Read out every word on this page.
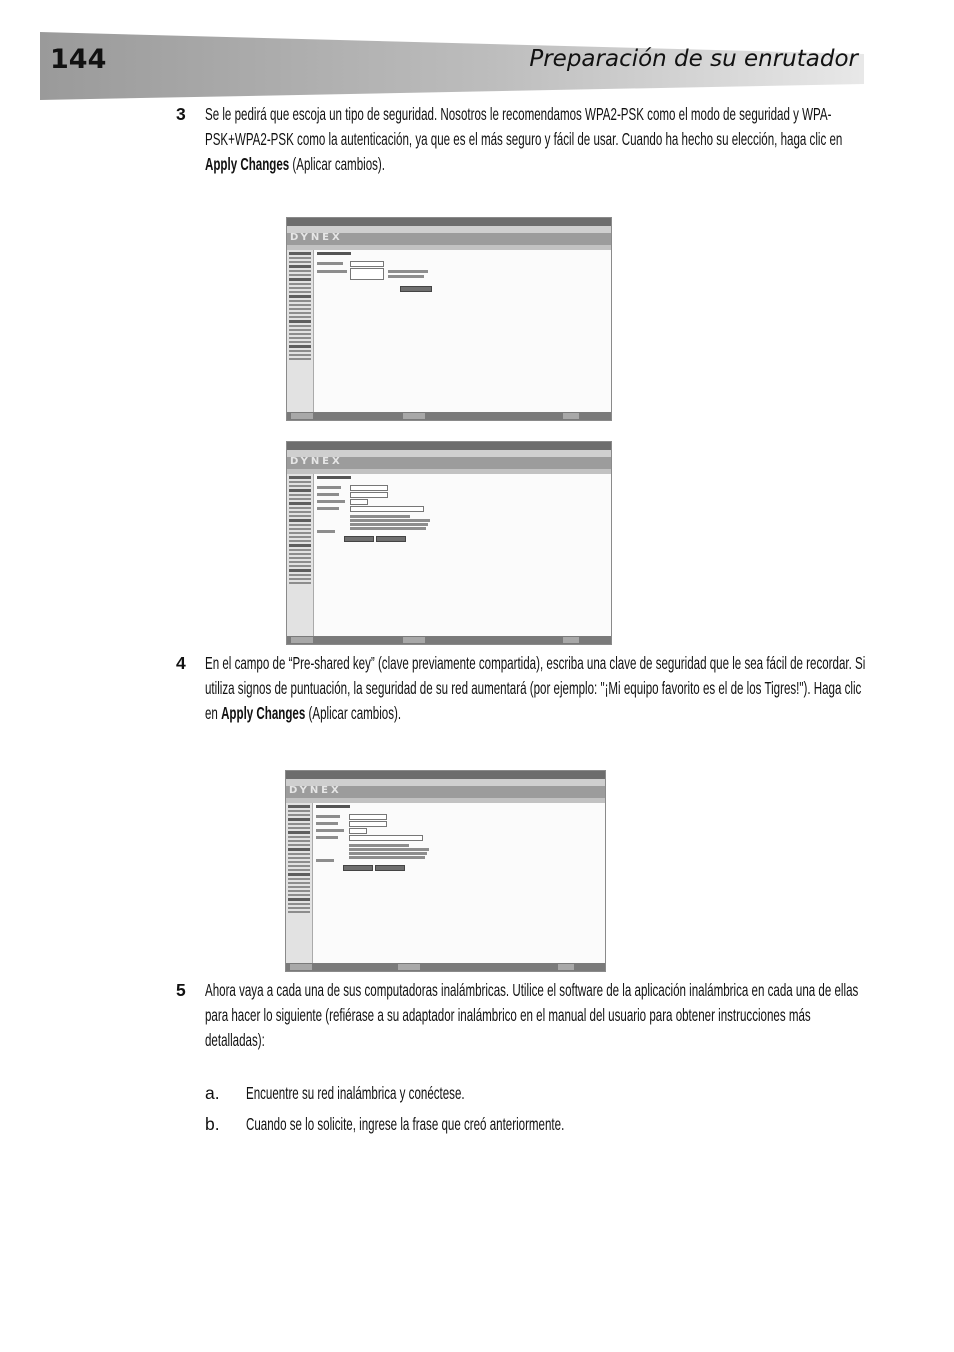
144	Preparación de su enrutador
3 Se le pedirá que escoja un tipo de seguridad. Nosotros le recomendamos WPA2-PSK como el modo de seguridad y WPA-PSK+WPA2-PSK como la autenticación, ya que es el más seguro y fácil de usar. Cuando ha hecho su elección, haga clic en Apply Changes (Aplicar cambios).
DYNEX
DYNEX
4 En el campo de “Pre-shared key” (clave previamente compartida), escriba una clave de seguridad que le sea fácil de recordar. Si utiliza signos de puntuación, la seguridad de su red aumentará (por ejemplo: "¡Mi equipo favorito es el de los Tigres!"). Haga clic en Apply Changes (Aplicar cambios).
DYNEX
5 Ahora vaya a cada una de sus computadoras inalámbricas. Utilice el software de la aplicación inalámbrica en cada una de ellas para hacer lo siguiente (refiérase a su adaptador inalámbrico en el manual del usuario para obtener instrucciones más detalladas):
a. Encuentre su red inalámbrica y conéctese.
b. Cuando se lo solicite, ingrese la frase que creó anteriormente.
